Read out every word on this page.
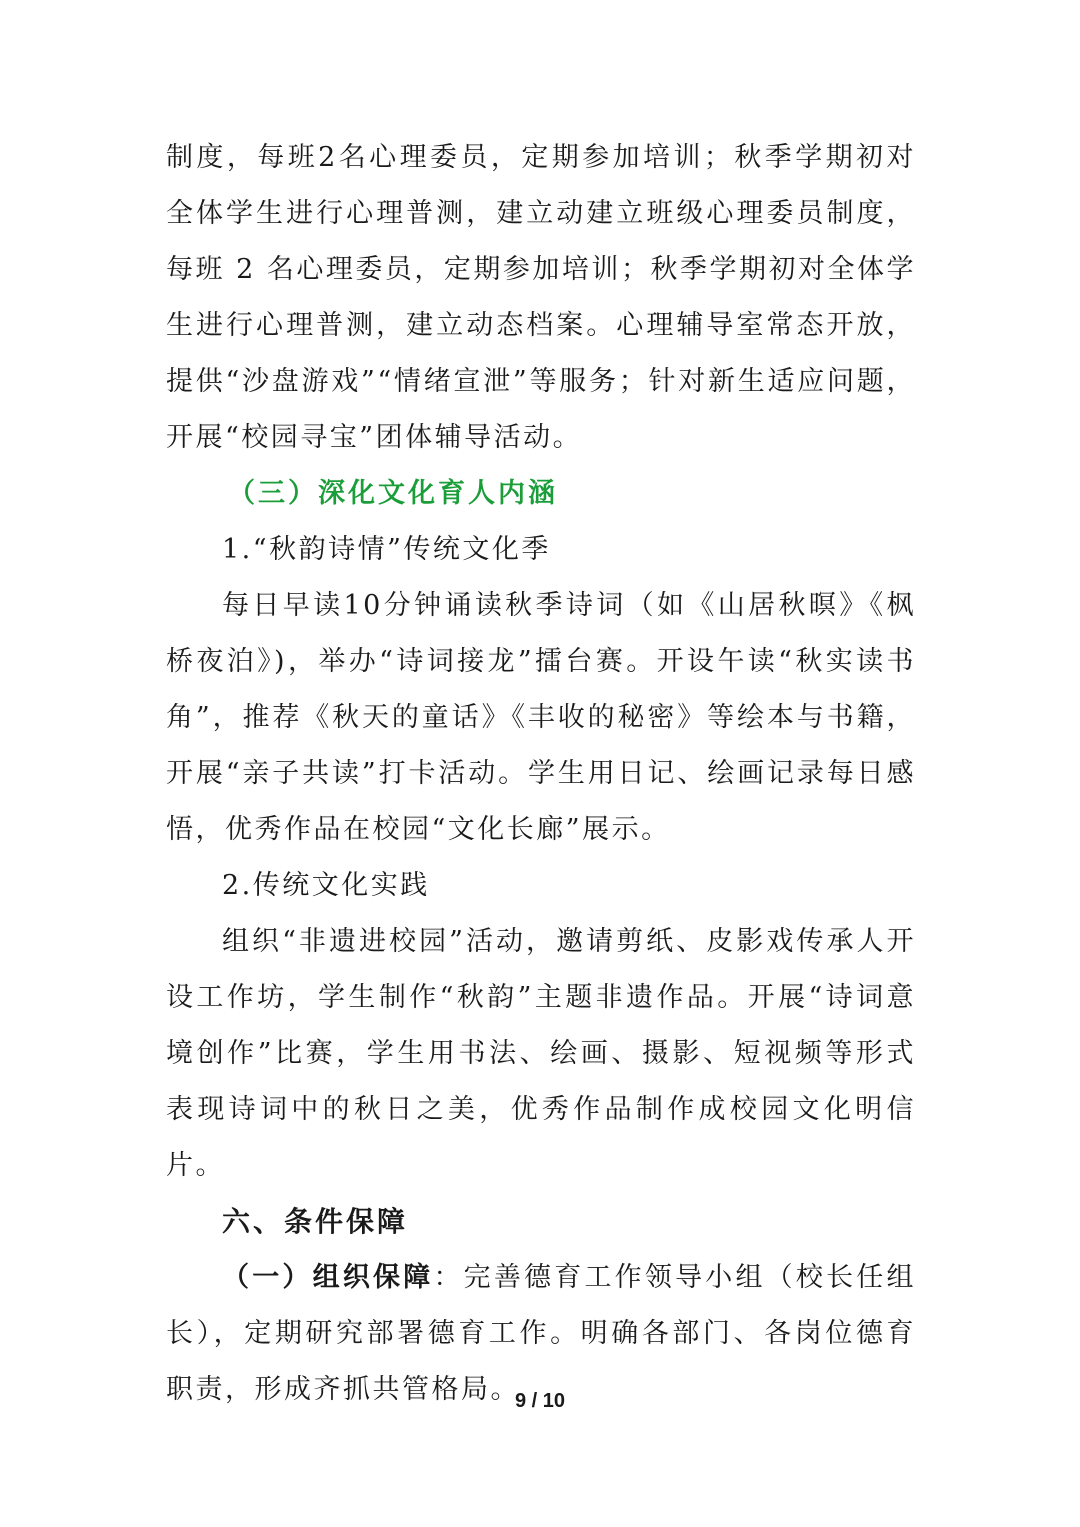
制度，每班2名心理委员，定期参加培训；秋季学期初对全体学生进行心理普测，建立动建立班级心理委员制度，每班 2 名心理委员，定期参加培训；秋季学期初对全体学生进行心理普测，建立动态档案。心理辅导室常态开放，提供“沙盘游戏”“情绪宣泄”等服务；针对新生适应问题，开展“校园寻宝”团体辅导活动。

（三）深化文化育人内涵

1.“秋韵诗情”传统文化季

每日早读10分钟诵读秋季诗词（如《山居秋暝》《枫桥夜泊》)，举办“诗词接龙”擂台赛。开设午读“秋实读书角”，推荐《秋天的童话》《丰收的秘密》等绘本与书籍，开展“亲子共读”打卡活动。学生用日记、绘画记录每日感悟，优秀作品在校园“文化长廊”展示。

2.传统文化实践

组织“非遗进校园”活动，邀请剪纸、皮影戏传承人开设工作坊，学生制作“秋韵”主题非遗作品。开展“诗词意境创作”比赛，学生用书法、绘画、摄影、短视频等形式表现诗词中的秋日之美，优秀作品制作成校园文化明信片。

六、条件保障

（一）组织保障：完善德育工作领导小组（校长任组长），定期研究部署德育工作。明确各部门、各岗位德育职责，形成齐抓共管格局。

9 / 10
